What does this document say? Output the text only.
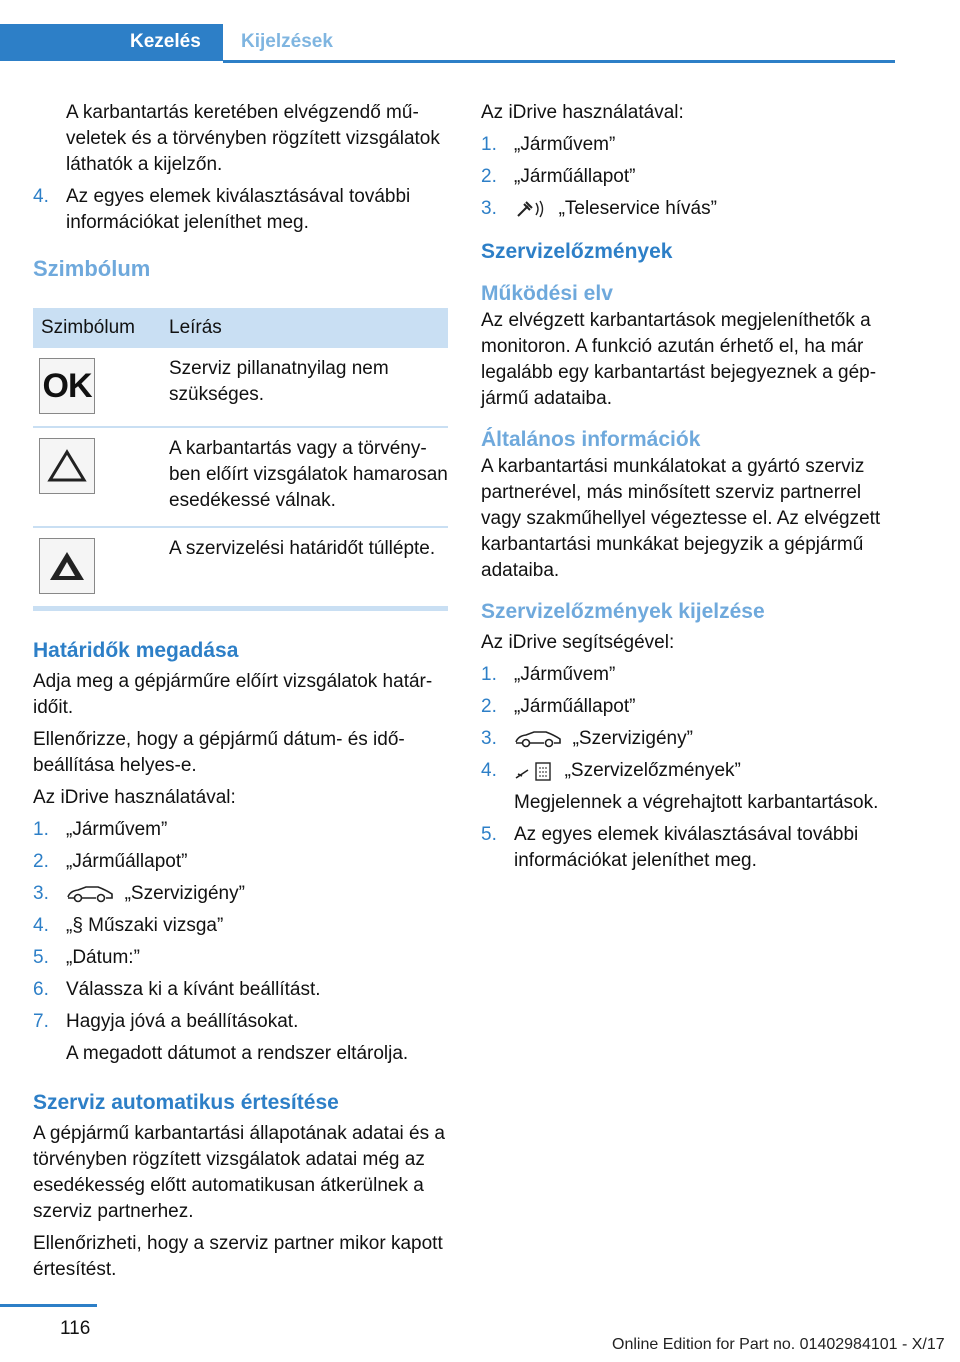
Kezelés Kijelzések

A karbantartás keretében elvégzendő műveletek és a törvényben rögzített vizsgálatok láthatók a kijelzőn.

4. Az egyes elemek kiválasztásával további információkat jeleníthet meg.
Szimbólum
Szimbólum	Leírás

OK	Szerviz pillanatnyilag nem szükséges.

	A karbantartás vagy a törvényben előírt vizsgálatok hamarosan esedékessé válnak.

	A szervizelési határidőt túllépte.
Határidők megadása

Adja meg a gépjárműre előírt vizsgálatok határidőit.

Ellenőrizze, hogy a gépjármű dátum- és időbeállítása helyes-e.

Az iDrive használatával:

1. „Járművem”
2. „Járműállapot”
3.	„Szervizigény”
4. „§ Műszaki vizsga”
5. „Dátum:”
6. Válassza ki a kívánt beállítást.
7. Hagyja jóvá a beállításokat.
A megadott dátumot a rendszer eltárolja.
Szerviz automatikus értesítése

A gépjármű karbantartási állapotának adatai és a törvényben rögzített vizsgálatok adatai még az esedékesség előtt automatikusan átkerülnek a szerviz partnerhez.

Ellenőrizheti, hogy a szerviz partner mikor kapott értesítést.

Az iDrive használatával:

1. „Járművem”
2. „Járműállapot”
3.	„Teleservice hívás”
Szervizelőzmények
Működési elv

Az elvégzett karbantartások megjeleníthetők a monitoron. A funkció azután érhető el, ha már legalább egy karbantartást bejegyeznek a gépjármű adataiba.

Általános információk

A karbantartási munkálatokat a gyártó szerviz partnerével, más minősített szerviz partnerrel vagy szakműhellyel végeztesse el. Az elvégzett karbantartási munkákat bejegyzik a gépjármű adataiba.

Szervizelőzmények kijelzése

Az iDrive segítségével:

1. „Járművem”
2. „Járműállapot”
3.	„Szervizigény”
4.	„Szervizelőzmények”
Megjelennek a végrehajtott karbantartások.
5. Az egyes elemek kiválasztásával további információkat jeleníthet meg.
116
Online Edition for Part no. 01402984101 - X/17
